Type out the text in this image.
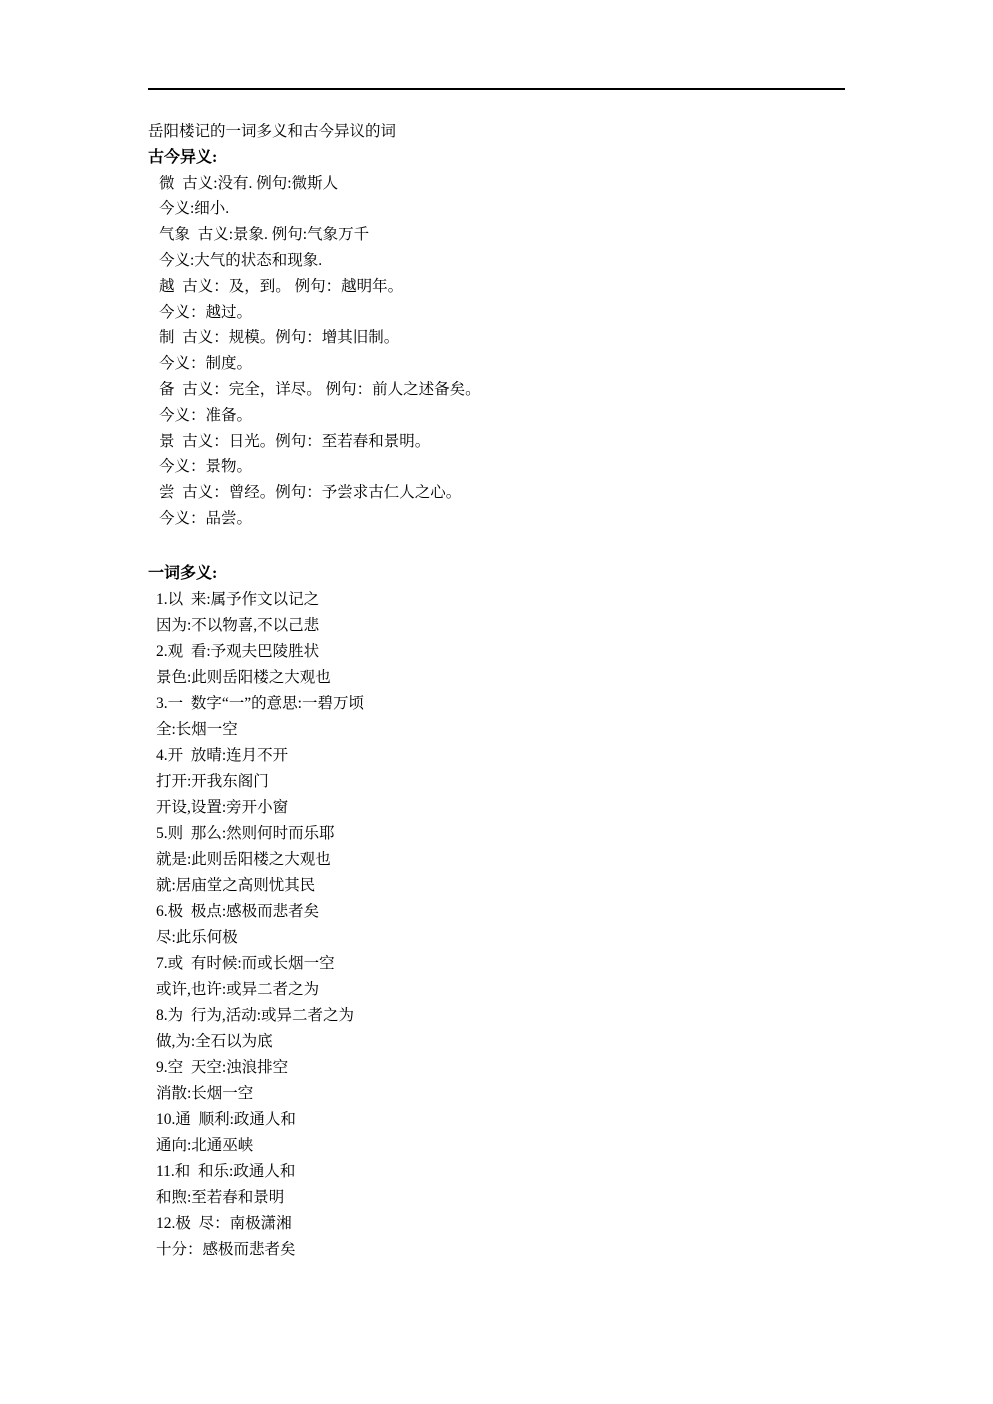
岳阳楼记的一词多义和古今异议的词
古今异义:
微  古义:没有. 例句:微斯人
今义:细小.
气象  古义:景象. 例句:气象万千
今义:大气的状态和现象.
越  古义：及，到。 例句：越明年。
今义：越过。
制  古义：规模。例句：增其旧制。
今义：制度。
备  古义：完全，详尽。 例句：前人之述备矣。
今义：准备。
景  古义：日光。例句：至若春和景明。
今义：景物。
尝  古义：曾经。例句：予尝求古仁人之心。
今义：品尝。
一词多义:
1.以  来:属予作文以记之
因为:不以物喜,不以己悲
2.观  看:予观夫巴陵胜状
景色:此则岳阳楼之大观也
3.一  数字“一”的意思:一碧万顷
全:长烟一空
4.开  放晴:连月不开
打开:开我东阁门
开设,设置:旁开小窗
5.则  那么:然则何时而乐耶
就是:此则岳阳楼之大观也
就:居庙堂之高则忧其民
6.极  极点:感极而悲者矣
尽:此乐何极
7.或  有时候:而或长烟一空
或许,也许:或异二者之为
8.为  行为,活动:或异二者之为
做,为:全石以为底
9.空  天空:浊浪排空
消散:长烟一空
10.通  顺利:政通人和
通向:北通巫峡
11.和  和乐:政通人和
和煦:至若春和景明
12.极  尽：南极潇湘
十分：感极而悲者矣
